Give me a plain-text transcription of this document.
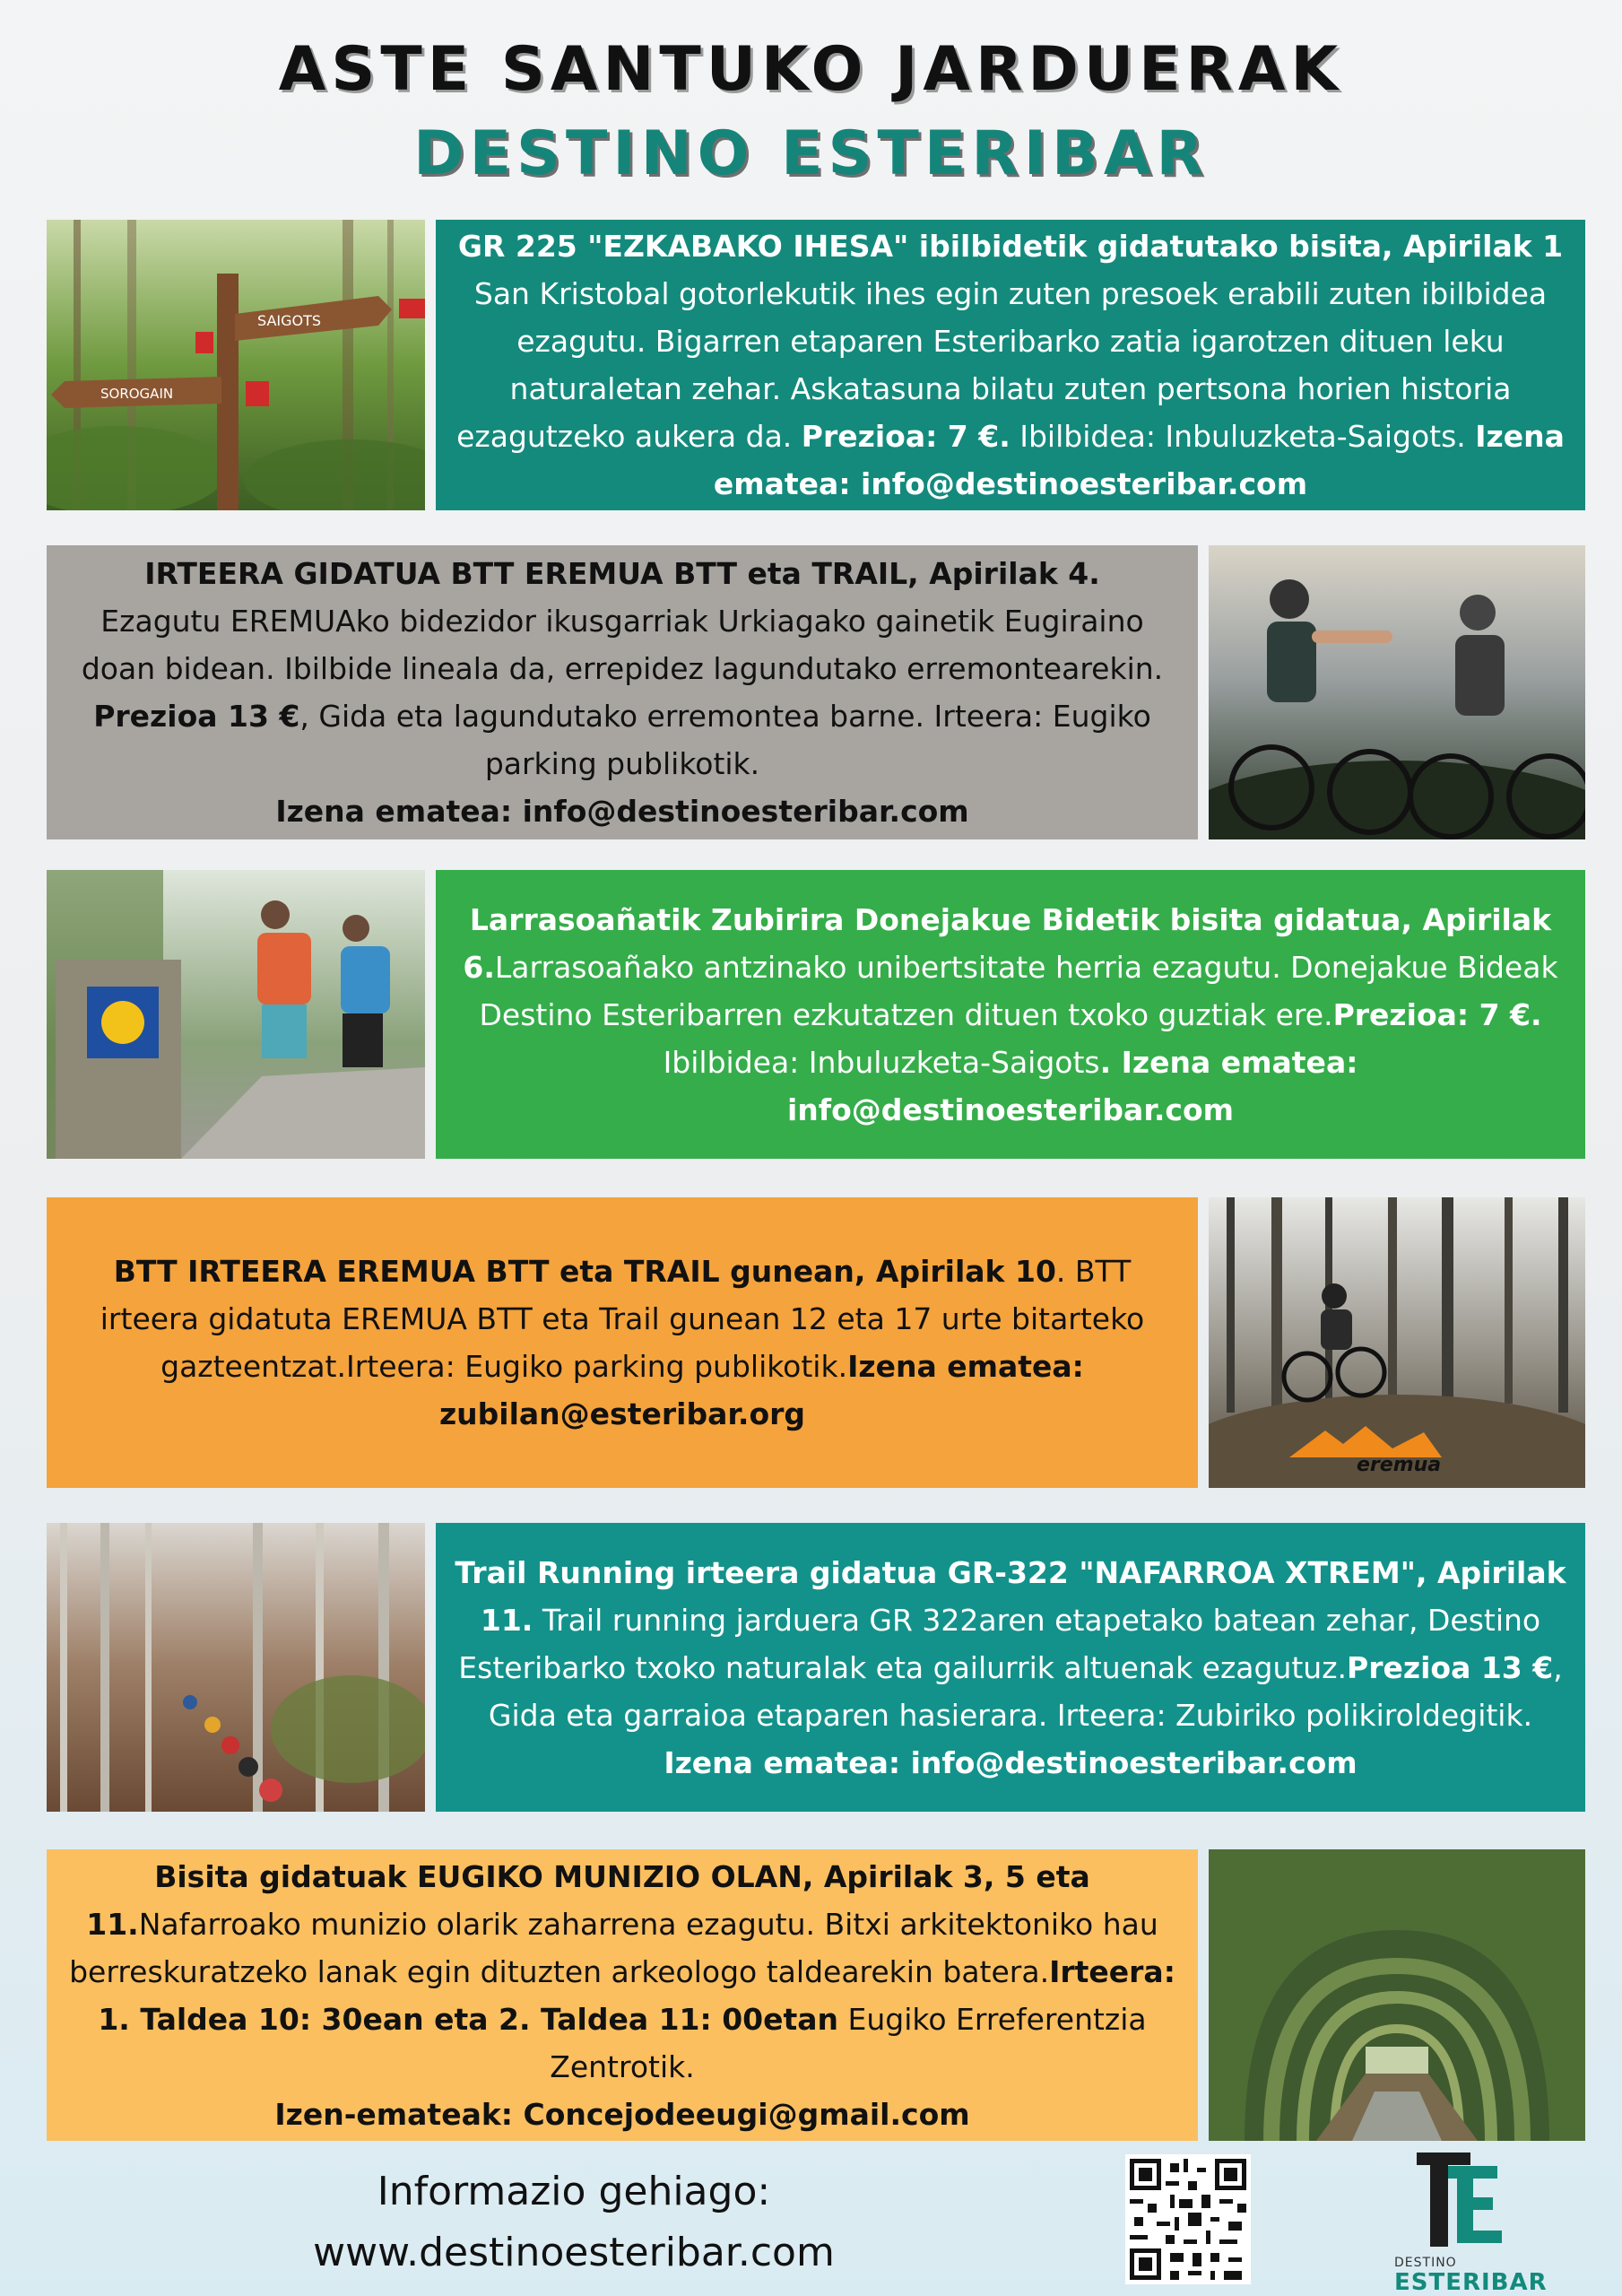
ASTE SANTUKO JARDUERAK
DESTINO ESTERIBAR
SAIGOTS
SOROGAIN

GR 225 "EZKABAKO IHESA" ibilbidetik gidatutako bisita, Apirilak 1 San Kristobal gotorlekutik ihes egin zuten presoek erabili zuten ibilbidea ezagutu. Bigarren etaparen Esteribarko zatia igarotzen dituen leku naturaletan zehar. Askatasuna bilatu zuten pertsona horien historia ezagutzeko aukera da. Prezioa: 7 €. Ibilbidea: Inbuluzketa-Saigots. Izena ematea: info@destinoesteribar.com

IRTEERA GIDATUA BTT EREMUA BTT eta TRAIL, Apirilak 4.
Ezagutu EREMUAko bidezidor ikusgarriak Urkiagako gainetik Eugiraino doan bidean. Ibilbide lineala da, errepidez lagundutako erremontearekin. Prezioa 13 €, Gida eta lagundutako erremontea barne. Irteera: Eugiko parking publikotik.
Izena ematea: info@destinoesteribar.com

Larrasoañatik Zubirira Donejakue Bidetik bisita gidatua, Apirilak 6.Larrasoañako antzinako unibertsitate herria ezagutu. Donejakue Bideak Destino Esteribarren ezkutatzen dituen txoko guztiak ere.Prezioa: 7 €. Ibilbidea: Inbuluzketa-Saigots. Izena ematea: info@destinoesteribar.com

BTT IRTEERA EREMUA BTT eta TRAIL gunean, Apirilak 10. BTT irteera gidatuta EREMUA BTT eta Trail gunean 12 eta 17 urte bitarteko gazteentzat.Irteera: Eugiko parking publikotik.Izena ematea: zubilan@esteribar.org

eremua

Trail Running irteera gidatua GR-322 "NAFARROA XTREM", Apirilak 11. Trail running jarduera GR 322aren etapetako batean zehar, Destino Esteribarko txoko naturalak eta gailurrik altuenak ezagutuz.Prezioa 13 €, Gida eta garraioa etaparen hasierara. Irteera: Zubiriko polikiroldegitik.
Izena ematea: info@destinoesteribar.com

Bisita gidatuak EUGIKO MUNIZIO OLAN, Apirilak 3, 5 eta 11.Nafarroako munizio olarik zaharrena ezagutu. Bitxi arkitektoniko hau berreskuratzeko lanak egin dituzten arkeologo taldearekin batera.Irteera: 1. Taldea 10: 30ean eta 2. Taldea 11: 00etan Eugiko Erreferentzia Zentrotik.
Izen-emateak: Concejodeeugi@gmail.com

Informazio gehiago:
www.destinoesteribar.com	DESTINO
ESTERIBAR
